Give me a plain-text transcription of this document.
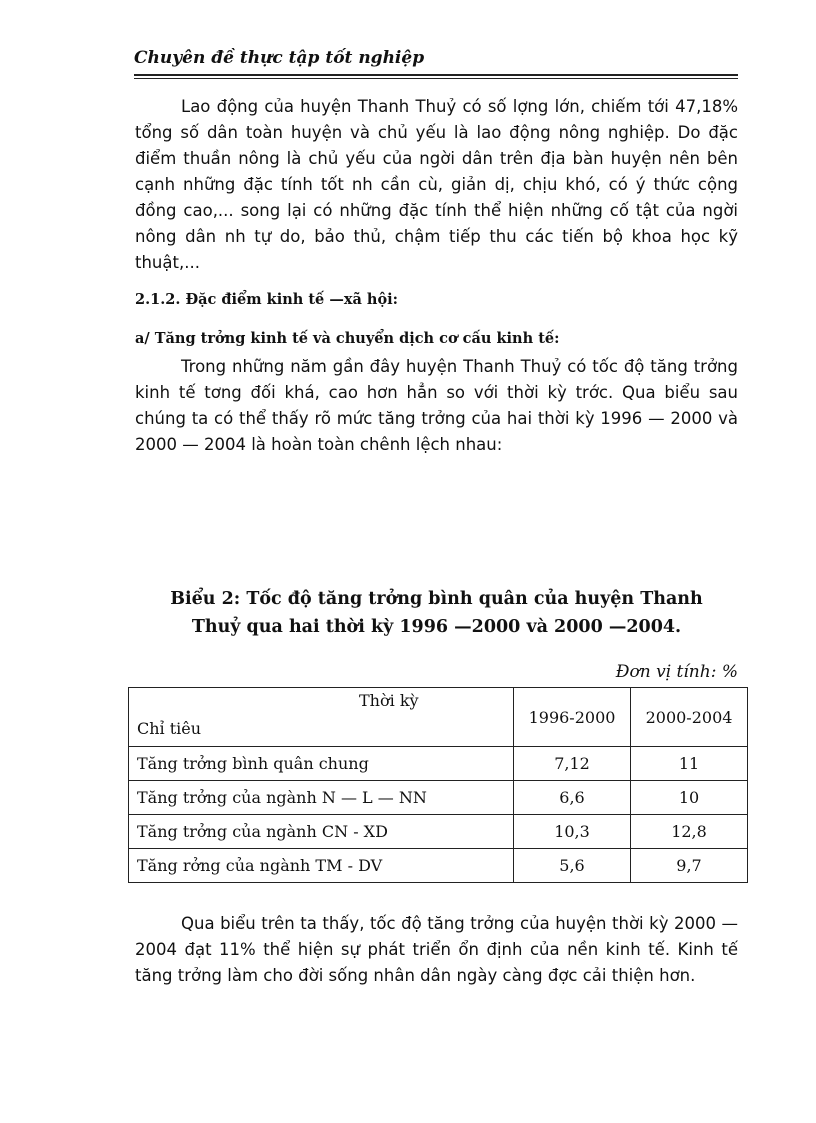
Chuyên đề thực tập tốt nghiệp

Lao động của huyện Thanh Thuỷ có số lợng lớn, chiếm tới 47,18% tổng số dân toàn huyện và chủ yếu là lao động nông nghiệp. Do đặc điểm thuần nông là chủ yếu của ngời dân trên địa bàn huyện nên bên cạnh những đặc tính tốt nh cần cù, giản dị, chịu khó, có ý thức cộng đồng cao,... song lại có những đặc tính thể hiện những cố tật của ngời nông dân nh tự do, bảo thủ, chậm tiếp thu các tiến bộ khoa học kỹ thuật,...

2.1.2. Đặc điểm kinh tế —xã hội:

a/ Tăng trởng kinh tế và chuyển dịch cơ cấu kinh tế:

Trong những năm gần đây huyện Thanh Thuỷ có tốc độ tăng trởng kinh tế tơng đối khá, cao hơn hẳn so với thời kỳ trớc. Qua biểu sau chúng ta có thể thấy rõ mức tăng trởng của hai thời kỳ 1996 — 2000 và 2000 — 2004 là hoàn toàn chênh lệch nhau:

Biểu 2: Tốc độ tăng trởng bình quân của huyện Thanh
Thuỷ qua hai thời kỳ 1996 —2000 và 2000 —2004.
Đơn vị tính: %
Thời kỳ
Chỉ tiêu	1996-2000	2000-2004
Tăng trởng bình quân chung	7,12	11
Tăng trởng của ngành N — L — NN	6,6	10
Tăng trởng của ngành CN - XD	10,3	12,8
Tăng rởng của ngành TM - DV	5,6	9,7

Qua biểu trên ta thấy, tốc độ tăng trởng của huyện thời kỳ 2000 — 2004 đạt 11% thể hiện sự phát triển ổn định của nền kinh tế. Kinh tế tăng trởng làm cho đời sống nhân dân ngày càng đợc cải thiện hơn.
